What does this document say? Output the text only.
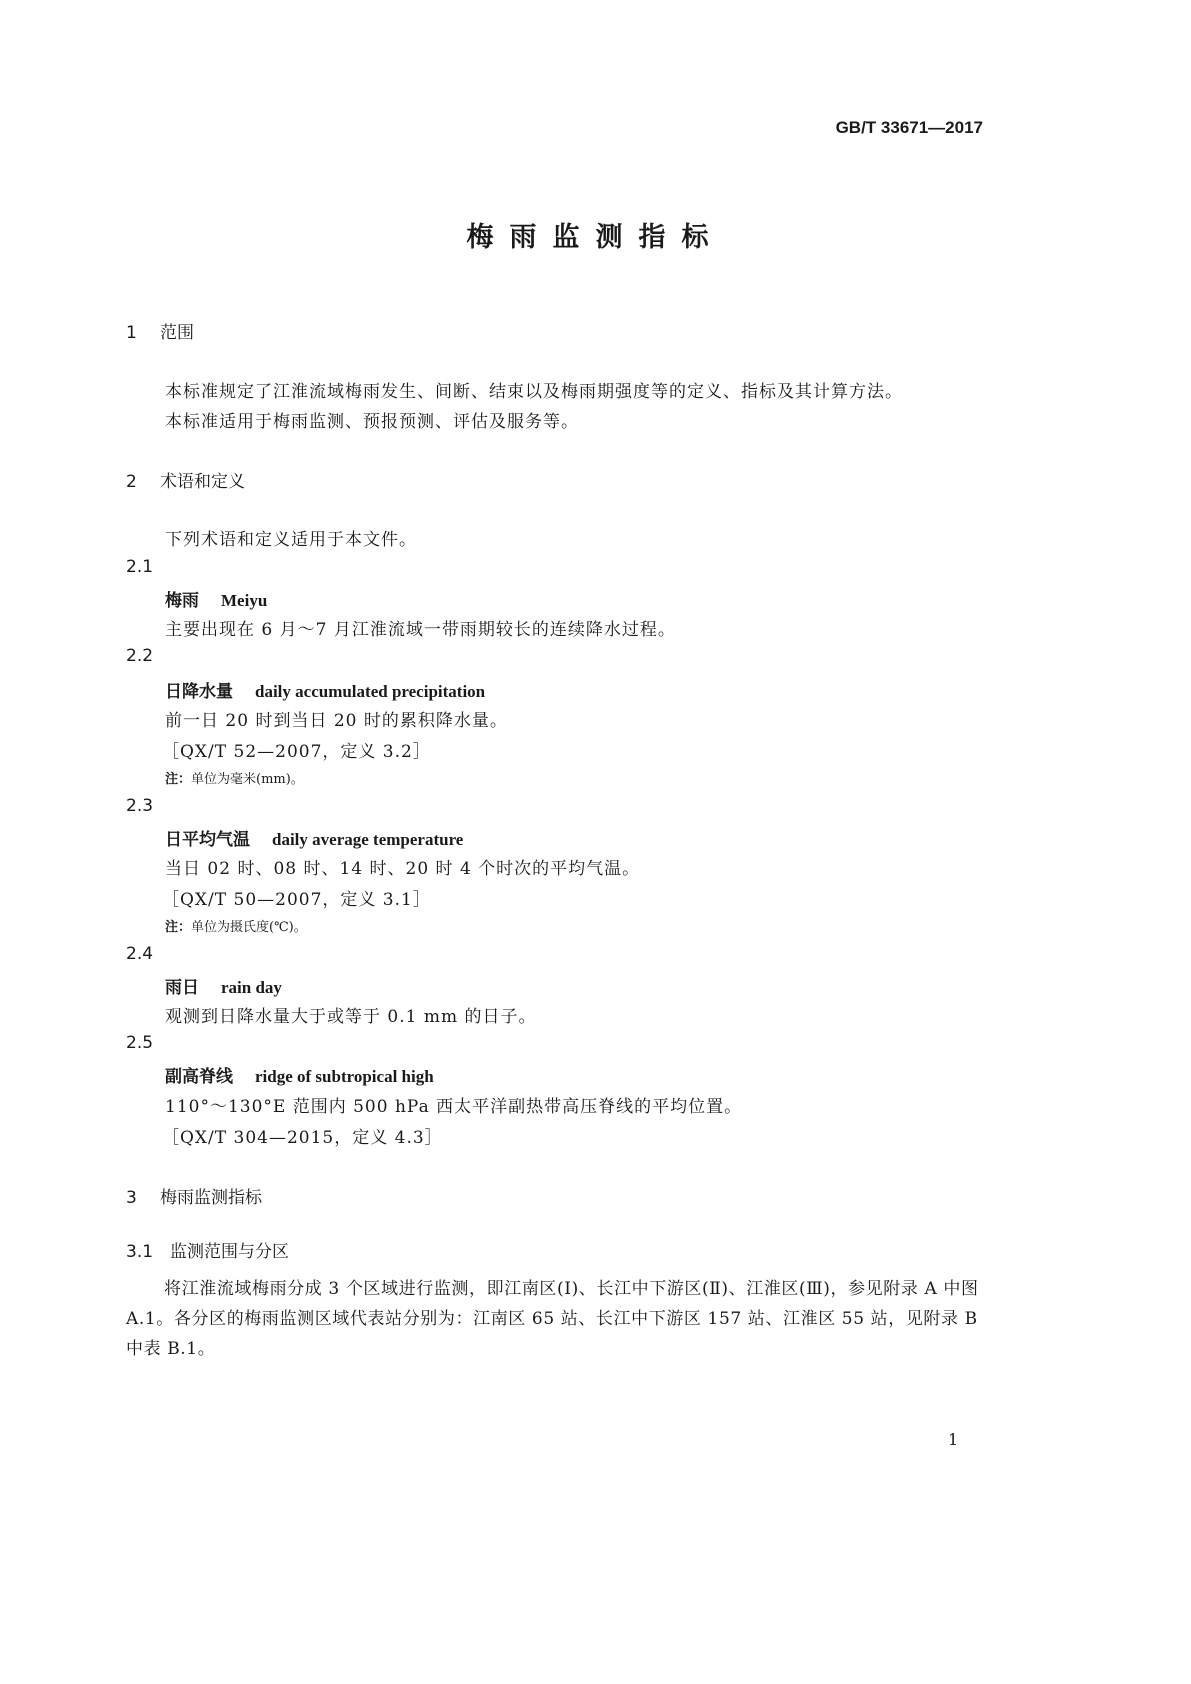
GB/T 33671—2017
梅雨监测指标
1 范围
本标准规定了江淮流域梅雨发生、间断、结束以及梅雨期强度等的定义、指标及其计算方法。
本标准适用于梅雨监测、预报预测、评估及服务等。
2 术语和定义
下列术语和定义适用于本文件。
2.1
梅雨 Meiyu
主要出现在 6 月～7 月江淮流域一带雨期较长的连续降水过程。
2.2
日降水量 daily accumulated precipitation
前一日 20 时到当日 20 时的累积降水量。
［QX/T 52—2007，定义 3.2］
注：单位为毫米(mm)。
2.3
日平均气温 daily average temperature
当日 02 时、08 时、14 时、20 时 4 个时次的平均气温。
［QX/T 50—2007，定义 3.1］
注：单位为摄氏度(℃)。
2.4
雨日 rain day
观测到日降水量大于或等于 0.1 mm 的日子。
2.5
副高脊线 ridge of subtropical high
110°～130°E 范围内 500 hPa 西太平洋副热带高压脊线的平均位置。
［QX/T 304—2015，定义 4.3］
3 梅雨监测指标
3.1 监测范围与分区
将江淮流域梅雨分成 3 个区域进行监测，即江南区(Ⅰ)、长江中下游区(Ⅱ)、江淮区(Ⅲ)，参见附录 A 中图 A.1。各分区的梅雨监测区域代表站分别为：江南区 65 站、长江中下游区 157 站、江淮区 55 站，见附录 B 中表 B.1。
1
